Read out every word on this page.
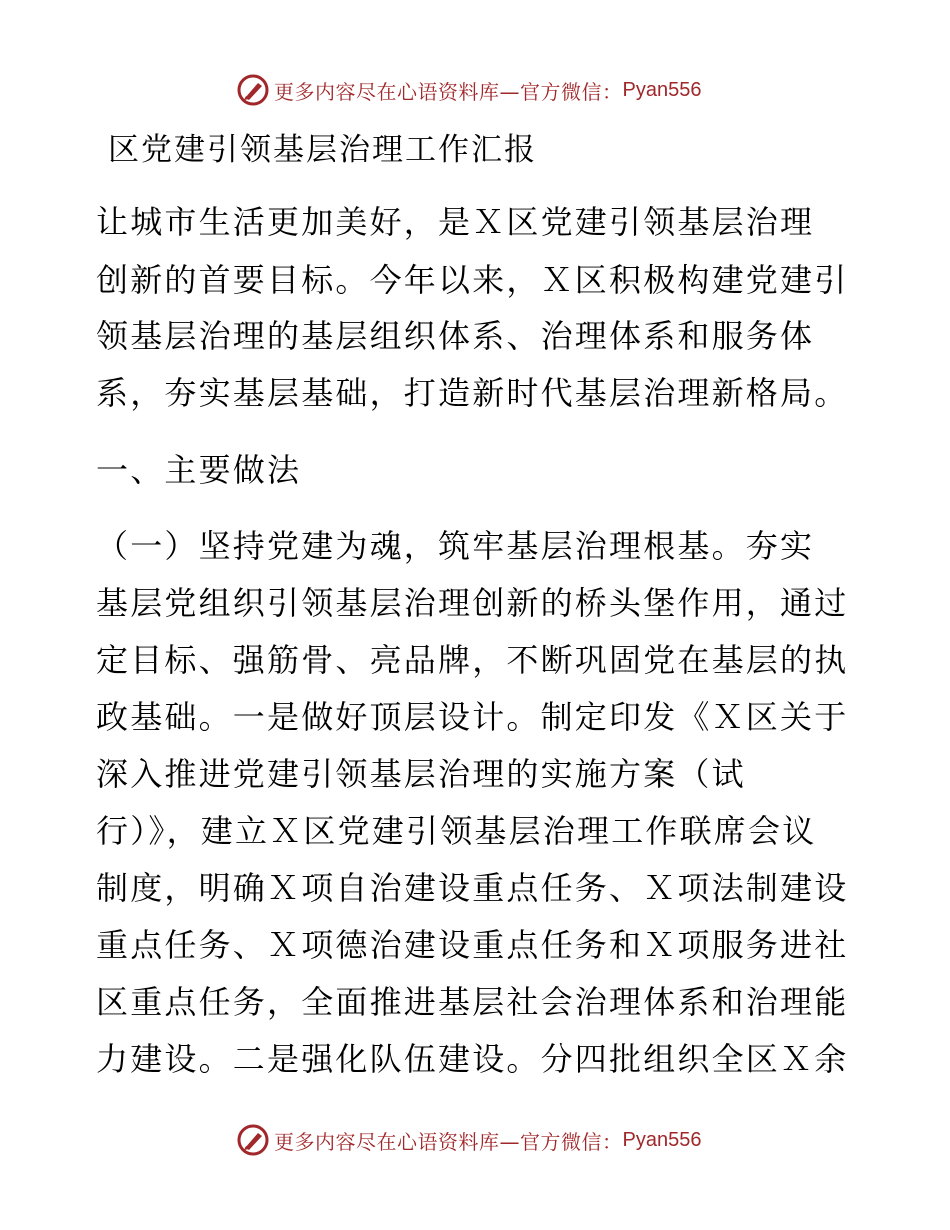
更多内容尽在心语资料库—官方微信： Pyan556
区党建引领基层治理工作汇报
让城市生活更加美好，是Ｘ区党建引领基层治理
创新的首要目标。今年以来，Ｘ区积极构建党建引
领基层治理的基层组织体系、治理体系和服务体
系，夯实基层基础，打造新时代基层治理新格局。
一、主要做法
（一）坚持党建为魂，筑牢基层治理根基。夯实
基层党组织引领基层治理创新的桥头堡作用，通过
定目标、强筋骨、亮品牌，不断巩固党在基层的执
政基础。一是做好顶层设计。制定印发《Ｘ区关于
深入推进党建引领基层治理的实施方案（试
行）》，建立Ｘ区党建引领基层治理工作联席会议
制度，明确Ｘ项自治建设重点任务、Ｘ项法制建设
重点任务、Ｘ项德治建设重点任务和Ｘ项服务进社
区重点任务，全面推进基层社会治理体系和治理能
力建设。二是强化队伍建设。分四批组织全区Ｘ余
更多内容尽在心语资料库—官方微信： Pyan556
